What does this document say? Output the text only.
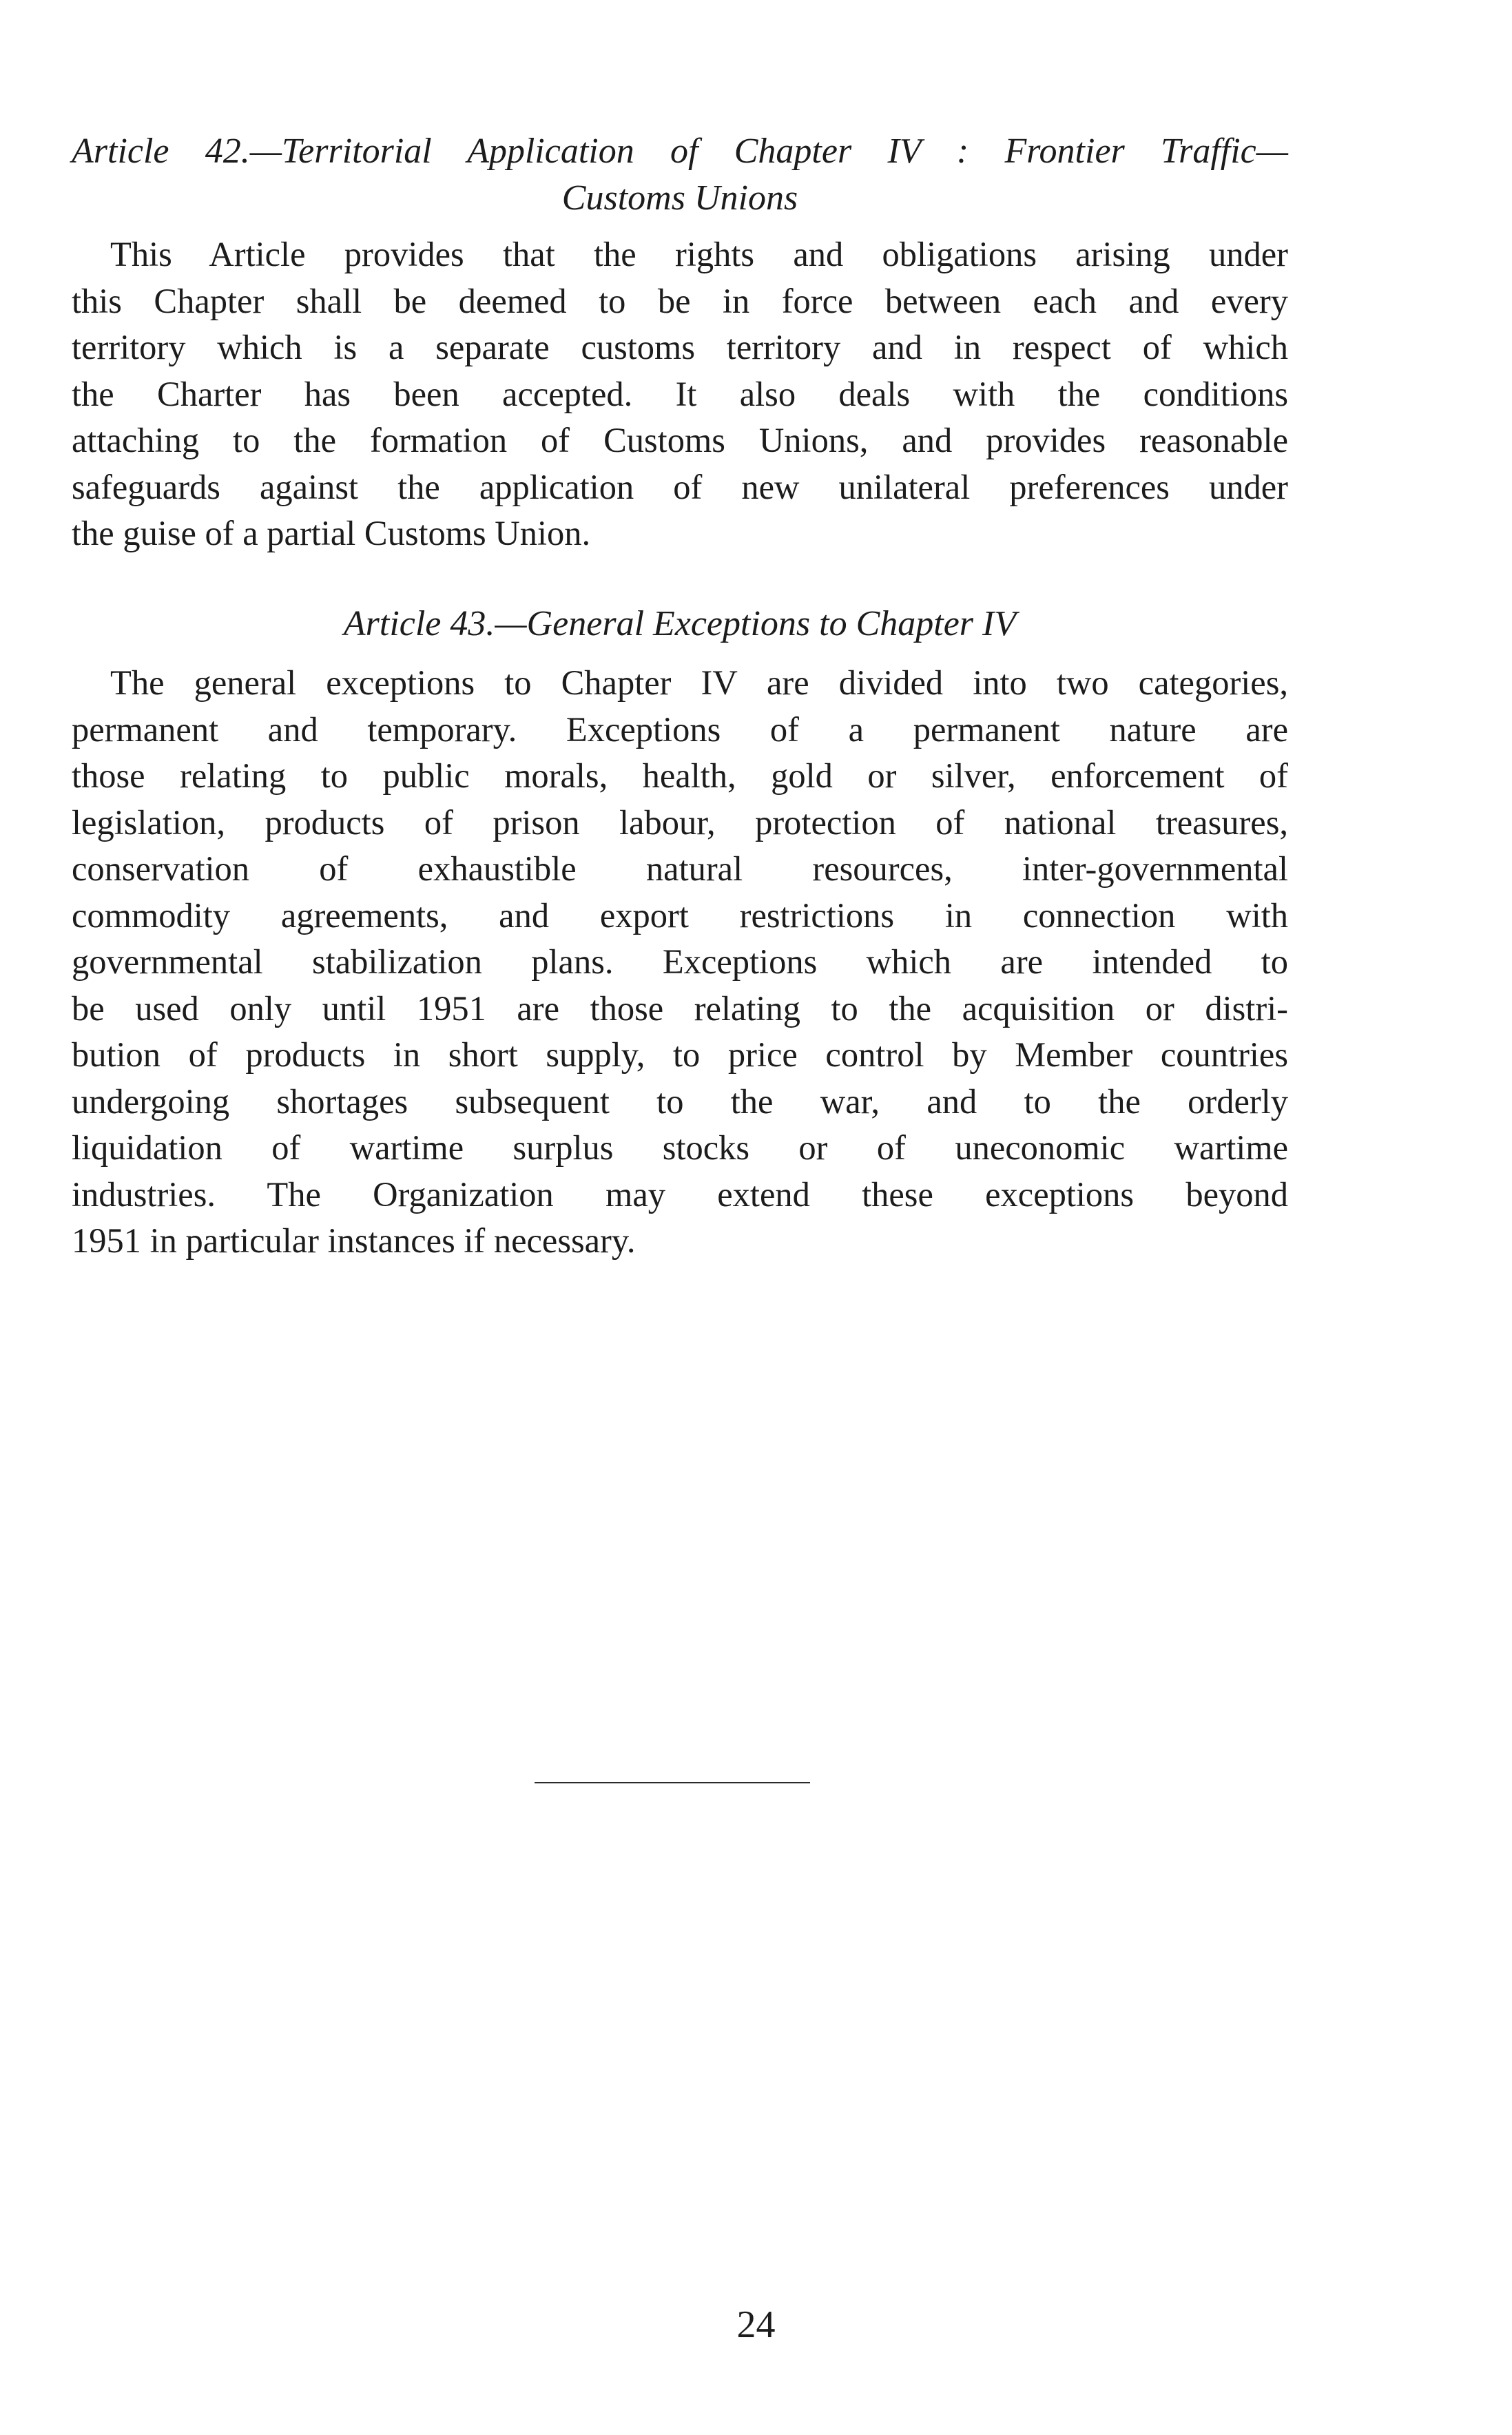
Article 42.—Territorial Application of Chapter IV : Frontier Traffic—
Customs Unions
This Article provides that the rights and obligations arising under
this Chapter shall be deemed to be in force between each and every
territory which is a separate customs territory and in respect of which
the Charter has been accepted. It also deals with the conditions
attaching to the formation of Customs Unions, and provides reasonable
safeguards against the application of new unilateral preferences under
the guise of a partial Customs Union.
Article 43.—General Exceptions to Chapter IV
The general exceptions to Chapter IV are divided into two categories,
permanent and temporary. Exceptions of a permanent nature are
those relating to public morals, health, gold or silver, enforcement of
legislation, products of prison labour, protection of national treasures,
conservation of exhaustible natural resources, inter-governmental
commodity agreements, and export restrictions in connection with
governmental stabilization plans. Exceptions which are intended to
be used only until 1951 are those relating to the acquisition or distri-
bution of products in short supply, to price control by Member countries
undergoing shortages subsequent to the war, and to the orderly
liquidation of wartime surplus stocks or of uneconomic wartime
industries. The Organization may extend these exceptions beyond
1951 in particular instances if necessary.
24
